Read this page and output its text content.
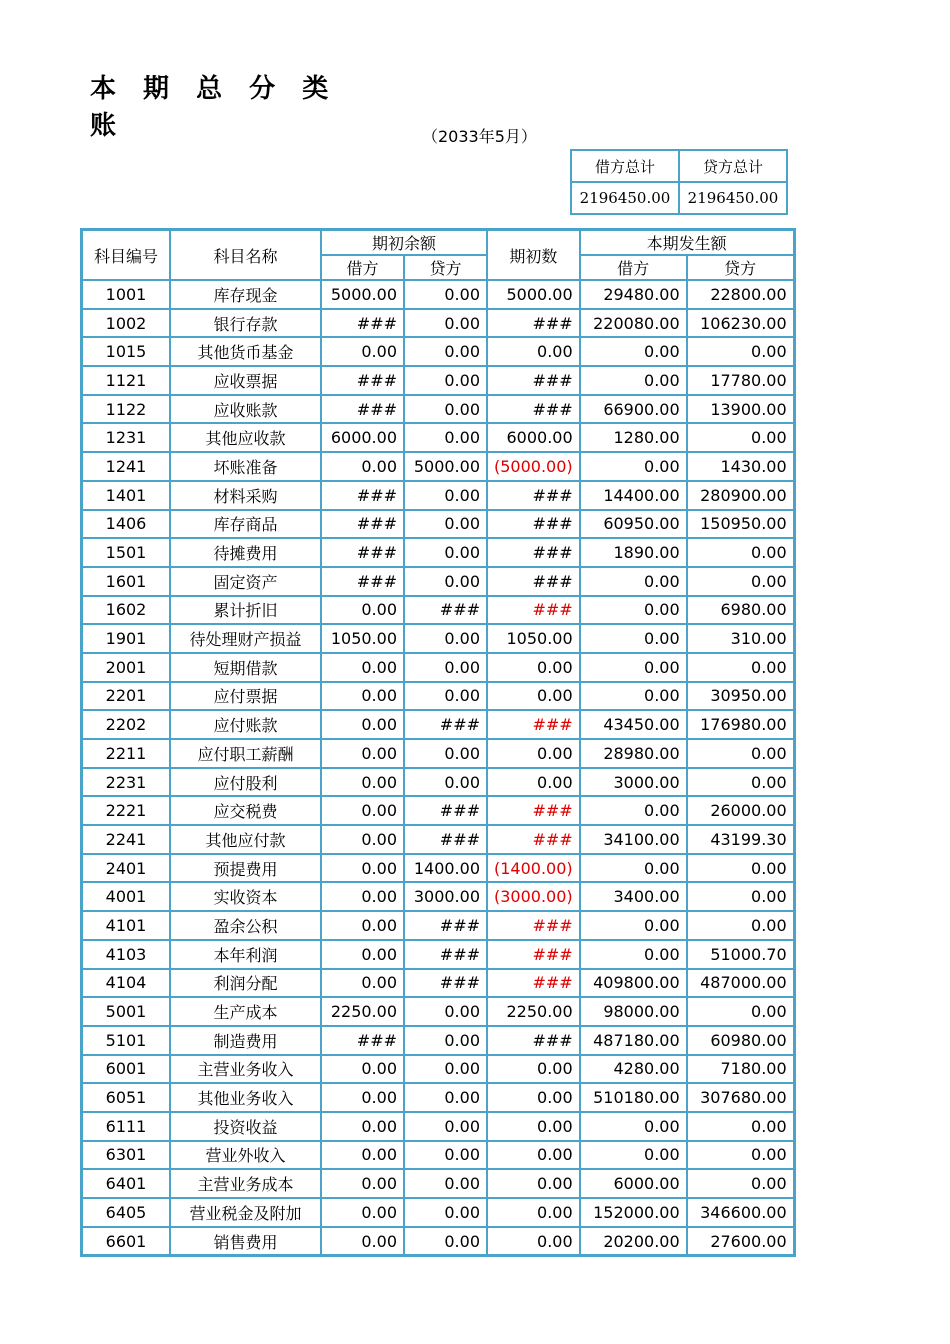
本 期 总 分 类 账	（2033年5月）
借方总计	贷方总计
2196450.00	2196450.00
科目编号	科目名称	期初余额		期初数	本期发生额	
		借方	贷方		借方	贷方
1001	库存现金	5000.00	0.00	5000.00	29480.00	22800.00
1002	银行存款	###	0.00	###	220080.00	106230.00
1015	其他货币基金	0.00	0.00	0.00	0.00	0.00
1121	应收票据	###	0.00	###	0.00	17780.00
1122	应收账款	###	0.00	###	66900.00	13900.00
1231	其他应收款	6000.00	0.00	6000.00	1280.00	0.00
1241	坏账准备	0.00	5000.00	(5000.00)	0.00	1430.00
1401	材料采购	###	0.00	###	14400.00	280900.00
1406	库存商品	###	0.00	###	60950.00	150950.00
1501	待摊费用	###	0.00	###	1890.00	0.00
1601	固定资产	###	0.00	###	0.00	0.00
1602	累计折旧	0.00	###	###	0.00	6980.00
1901	待处理财产损益	1050.00	0.00	1050.00	0.00	310.00
2001	短期借款	0.00	0.00	0.00	0.00	0.00
2201	应付票据	0.00	0.00	0.00	0.00	30950.00
2202	应付账款	0.00	###	###	43450.00	176980.00
2211	应付职工薪酬	0.00	0.00	0.00	28980.00	0.00
2231	应付股利	0.00	0.00	0.00	3000.00	0.00
2221	应交税费	0.00	###	###	0.00	26000.00
2241	其他应付款	0.00	###	###	34100.00	43199.30
2401	预提费用	0.00	1400.00	(1400.00)	0.00	0.00
4001	实收资本	0.00	3000.00	(3000.00)	3400.00	0.00
4101	盈余公积	0.00	###	###	0.00	0.00
4103	本年利润	0.00	###	###	0.00	51000.70
4104	利润分配	0.00	###	###	409800.00	487000.00
5001	生产成本	2250.00	0.00	2250.00	98000.00	0.00
5101	制造费用	###	0.00	###	487180.00	60980.00
6001	主营业务收入	0.00	0.00	0.00	4280.00	7180.00
6051	其他业务收入	0.00	0.00	0.00	510180.00	307680.00
6111	投资收益	0.00	0.00	0.00	0.00	0.00
6301	营业外收入	0.00	0.00	0.00	0.00	0.00
6401	主营业务成本	0.00	0.00	0.00	6000.00	0.00
6405	营业税金及附加	0.00	0.00	0.00	152000.00	346600.00
6601	销售费用	0.00	0.00	0.00	20200.00	27600.00
